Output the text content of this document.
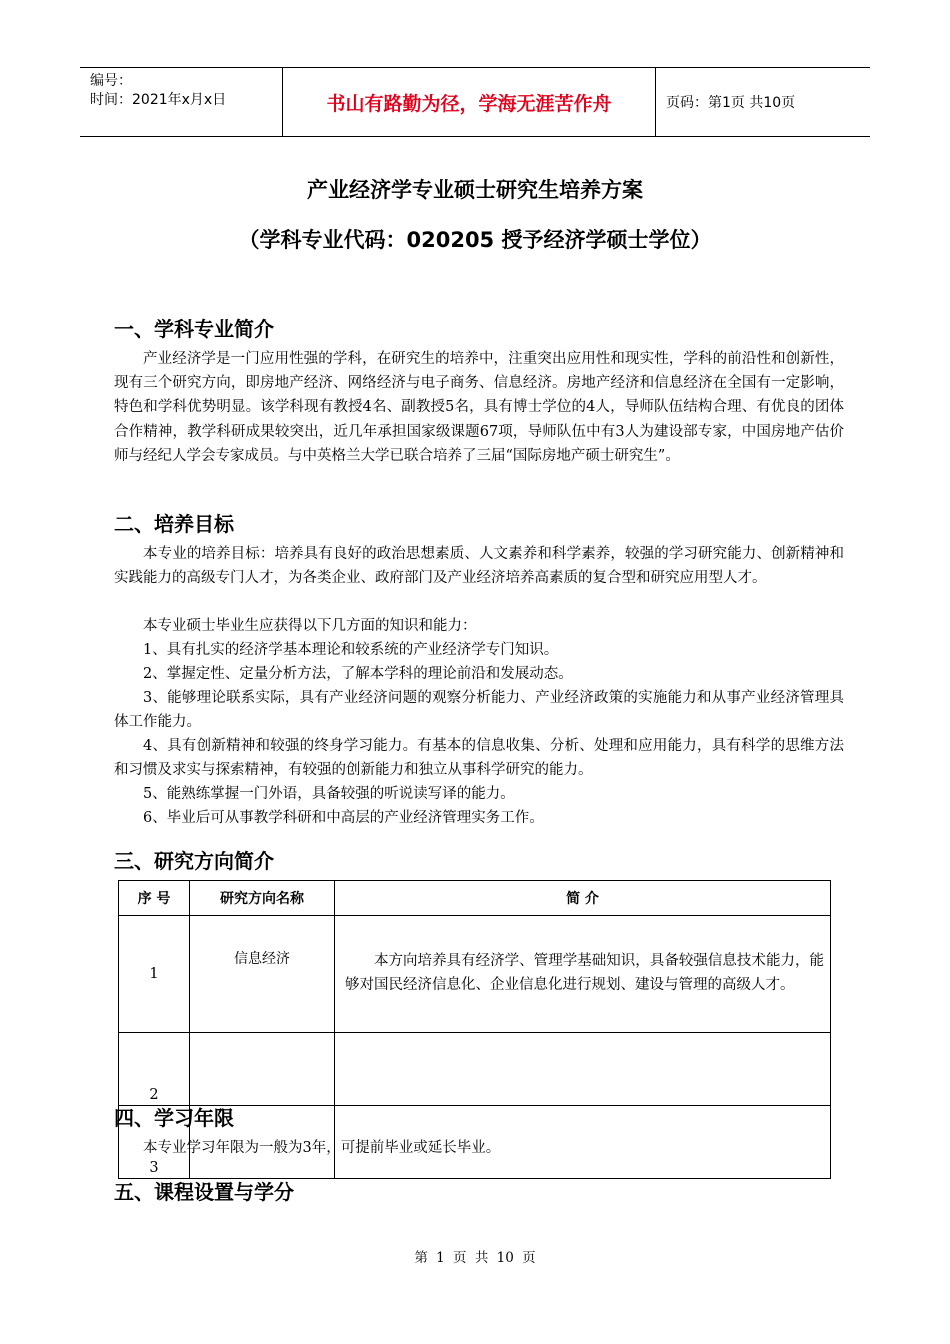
编号：
时间：2021年x月x日	书山有路勤为径，学海无涯苦作舟	页码：第1页 共10页
产业经济学专业硕士研究生培养方案
（学科专业代码：020205 授予经济学硕士学位）
一、学科专业简介

产业经济学是一门应用性强的学科，在研究生的培养中，注重突出应用性和现实性，学科的前沿性和创新性，现有三个研究方向，即房地产经济、网络经济与电子商务、信息经济。房地产经济和信息经济在全国有一定影响，特色和学科优势明显。该学科现有教授4名、副教授5名，具有博士学位的4人，导师队伍结构合理、有优良的团体合作精神，教学科研成果较突出，近几年承担国家级课题67项，导师队伍中有3人为建设部专家，中国房地产估价师与经纪人学会专家成员。与中英格兰大学已联合培养了三届“国际房地产硕士研究生”。

二、培养目标

本专业的培养目标：培养具有良好的政治思想素质、人文素养和科学素养，较强的学习研究能力、创新精神和实践能力的高级专门人才，为各类企业、政府部门及产业经济培养高素质的复合型和研究应用型人才。

本专业硕士毕业生应获得以下几方面的知识和能力：

1、具有扎实的经济学基本理论和较系统的产业经济学专门知识。

2、掌握定性、定量分析方法，了解本学科的理论前沿和发展动态。

3、能够理论联系实际，具有产业经济问题的观察分析能力、产业经济政策的实施能力和从事产业经济管理具体工作能力。

4、具有创新精神和较强的终身学习能力。有基本的信息收集、分析、处理和应用能力，具有科学的思维方法和习惯及求实与探索精神，有较强的创新能力和独立从事科学研究的能力。

5、能熟练掌握一门外语，具备较强的听说读写译的能力。

6、毕业后可从事教学科研和中高层的产业经济管理实务工作。

三、研究方向简介
序 号	研究方向名称	简 介
1	信息经济	本方向培养具有经济学、管理学基础知识，具备较强信息技术能力，能够对国民经济信息化、企业信息化进行规划、建设与管理的高级人才。
2		
3		
四、学习年限

本专业学习年限为一般为3年，可提前毕业或延长毕业。

五、课程设置与学分
第 1 页 共 10 页
